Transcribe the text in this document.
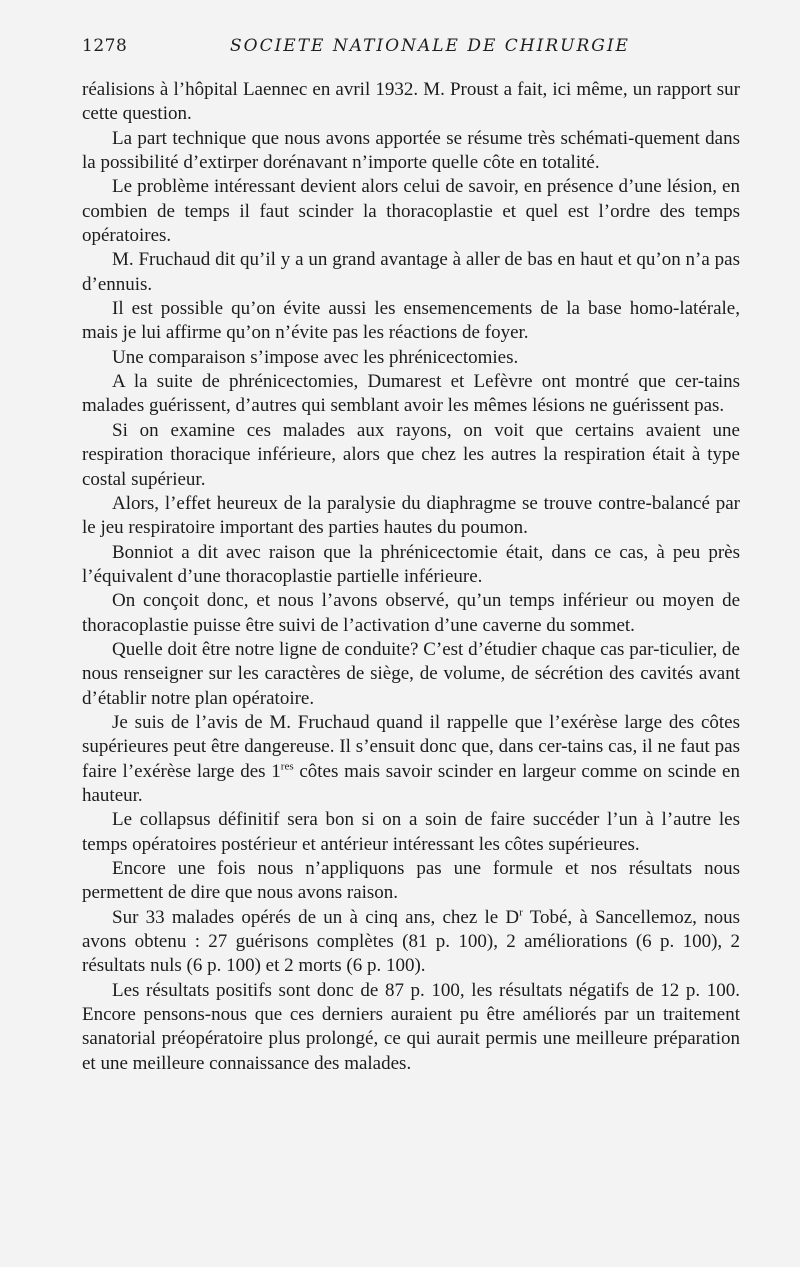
1278	SOCIETE NATIONALE DE CHIRURGIE

réalisions à l’hôpital Laennec en avril 1932. M. Proust a fait, ici même, un rapport sur cette question.

La part technique que nous avons apportée se résume très schémati-quement dans la possibilité d’extirper dorénavant n’importe quelle côte en totalité.

Le problème intéressant devient alors celui de savoir, en présence d’une lésion, en combien de temps il faut scinder la thoracoplastie et quel est l’ordre des temps opératoires.

M. Fruchaud dit qu’il y a un grand avantage à aller de bas en haut et qu’on n’a pas d’ennuis.

Il est possible qu’on évite aussi les ensemencements de la base homo-latérale, mais je lui affirme qu’on n’évite pas les réactions de foyer.

Une comparaison s’impose avec les phrénicectomies.

A la suite de phrénicectomies, Dumarest et Lefèvre ont montré que cer-tains malades guérissent, d’autres qui semblant avoir les mêmes lésions ne guérissent pas.

Si on examine ces malades aux rayons, on voit que certains avaient une respiration thoracique inférieure, alors que chez les autres la respiration était à type costal supérieur.

Alors, l’effet heureux de la paralysie du diaphragme se trouve contre-balancé par le jeu respiratoire important des parties hautes du poumon.

Bonniot a dit avec raison que la phrénicectomie était, dans ce cas, à peu près l’équivalent d’une thoracoplastie partielle inférieure.

On conçoit donc, et nous l’avons observé, qu’un temps inférieur ou moyen de thoracoplastie puisse être suivi de l’activation d’une caverne du sommet.

Quelle doit être notre ligne de conduite? C’est d’étudier chaque cas par-ticulier, de nous renseigner sur les caractères de siège, de volume, de sécrétion des cavités avant d’établir notre plan opératoire.

Je suis de l’avis de M. Fruchaud quand il rappelle que l’exérèse large des côtes supérieures peut être dangereuse. Il s’ensuit donc que, dans cer-tains cas, il ne faut pas faire l’exérèse large des 1res côtes mais savoir scinder en largeur comme on scinde en hauteur.

Le collapsus définitif sera bon si on a soin de faire succéder l’un à l’autre les temps opératoires postérieur et antérieur intéressant les côtes supérieures.

Encore une fois nous n’appliquons pas une formule et nos résultats nous permettent de dire que nous avons raison.

Sur 33 malades opérés de un à cinq ans, chez le $D^r$ Tobé, à Sancellemoz, nous avons obtenu : 27 guérisons complètes (81 p. 100), 2 améliorations (6 p. 100), 2 résultats nuls (6 p. 100) et 2 morts (6 p. 100).

Les résultats positifs sont donc de 87 p. 100, les résultats négatifs de 12 p. 100. Encore pensons-nous que ces derniers auraient pu être améliorés par un traitement sanatorial préopératoire plus prolongé, ce qui aurait permis une meilleure préparation et une meilleure connaissance des malades.
